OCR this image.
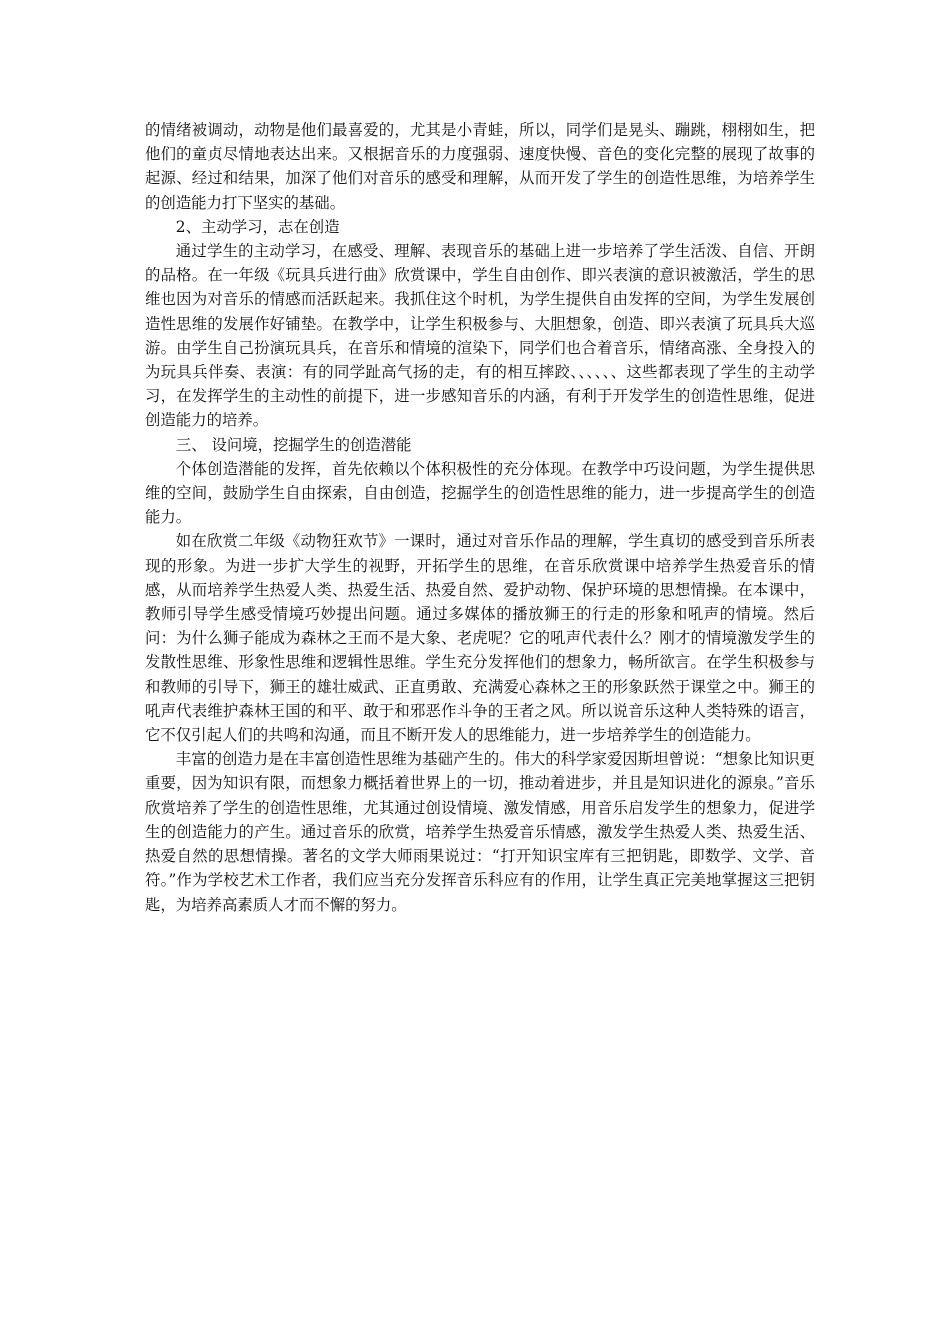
的情绪被调动，动物是他们最喜爱的，尤其是小青蛙，所以，同学们是晃头、蹦跳，栩栩如生，把他们的童贞尽情地表达出来。又根据音乐的力度强弱、速度快慢、音色的变化完整的展现了故事的起源、经过和结果，加深了他们对音乐的感受和理解，从而开发了学生的创造性思维，为培养学生的创造能力打下坚实的基础。

2、主动学习，志在创造

通过学生的主动学习，在感受、理解、表现音乐的基础上进一步培养了学生活泼、自信、开朗的品格。在一年级《玩具兵进行曲》欣赏课中，学生自由创作、即兴表演的意识被激活，学生的思维也因为对音乐的情感而活跃起来。我抓住这个时机，为学生提供自由发挥的空间，为学生发展创造性思维的发展作好铺垫。在教学中，让学生积极参与、大胆想象，创造、即兴表演了玩具兵大巡游。由学生自己扮演玩具兵，在音乐和情境的渲染下，同学们也合着音乐，情绪高涨、全身投入的为玩具兵伴奏、表演：有的同学趾高气扬的走，有的相互摔跤、、、、、、这些都表现了学生的主动学习，在发挥学生的主动性的前提下，进一步感知音乐的内涵，有利于开发学生的创造性思维，促进创造能力的培养。

三、 设问境，挖掘学生的创造潜能

个体创造潜能的发挥，首先依赖以个体积极性的充分体现。在教学中巧设问题，为学生提供思维的空间，鼓励学生自由探索，自由创造，挖掘学生的创造性思维的能力，进一步提高学生的创造能力。

如在欣赏二年级《动物狂欢节》一课时，通过对音乐作品的理解，学生真切的感受到音乐所表现的形象。为进一步扩大学生的视野，开拓学生的思维，在音乐欣赏课中培养学生热爱音乐的情感，从而培养学生热爱人类、热爱生活、热爱自然、爱护动物、保护环境的思想情操。在本课中，教师引导学生感受情境巧妙提出问题。通过多媒体的播放狮王的行走的形象和吼声的情境。然后问：为什么狮子能成为森林之王而不是大象、老虎呢？它的吼声代表什么？刚才的情境激发学生的发散性思维、形象性思维和逻辑性思维。学生充分发挥他们的想象力，畅所欲言。在学生积极参与和教师的引导下，狮王的雄壮威武、正直勇敢、充满爱心森林之王的形象跃然于课堂之中。狮王的吼声代表维护森林王国的和平、敢于和邪恶作斗争的王者之风。所以说音乐这种人类特殊的语言，它不仅引起人们的共鸣和沟通，而且不断开发人的思维能力，进一步培养学生的创造能力。

丰富的创造力是在丰富创造性思维为基础产生的。伟大的科学家爱因斯坦曾说：“想象比知识更重要，因为知识有限，而想象力概括着世界上的一切，推动着进步，并且是知识进化的源泉。”音乐欣赏培养了学生的创造性思维，尤其通过创设情境、激发情感，用音乐启发学生的想象力，促进学生的创造能力的产生。通过音乐的欣赏，培养学生热爱音乐情感，激发学生热爱人类、热爱生活、热爱自然的思想情操。著名的文学大师雨果说过：“打开知识宝库有三把钥匙，即数学、文学、音符。”作为学校艺术工作者，我们应当充分发挥音乐科应有的作用，让学生真正完美地掌握这三把钥匙，为培养高素质人才而不懈的努力。
